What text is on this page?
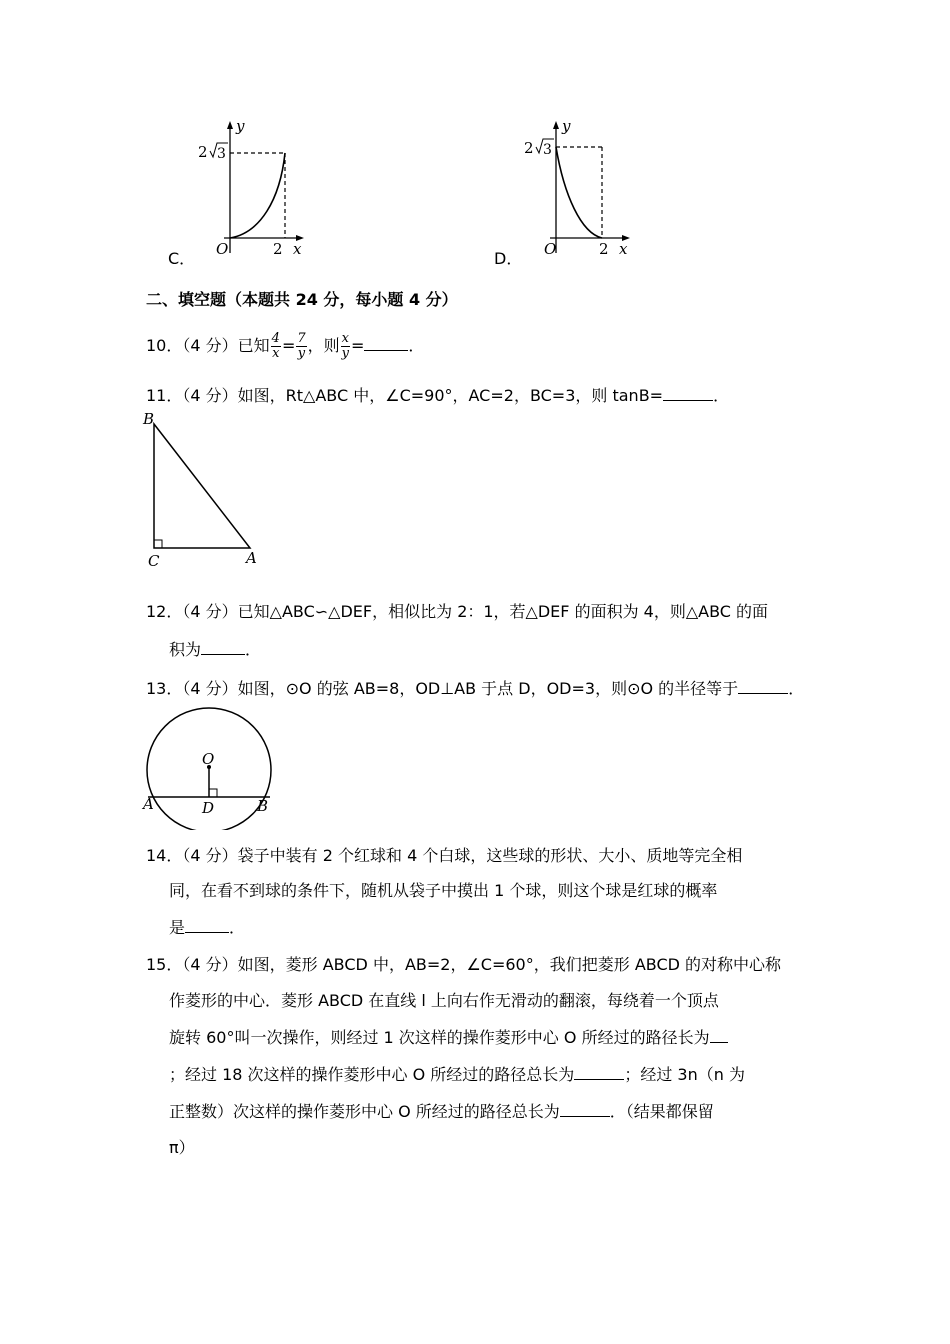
y
2 3
O	2 x
C．
y
2 3
O	2 x
D．
二、填空题（本题共 24 分，每小题 4 分）
10．（4 分）已知 $\frac{4}{x} = \frac{7}{y}$ ，则 $\frac{x}{y}$ =	．
11．（4 分）如图，Rt△ABC 中，∠C=90°，AC=2，BC=3，则 tanB=	．
B
C	A
12．（4 分）已知△ABC∽△DEF，相似比为 2：1，若△DEF 的面积为 4，则△ABC 的面
积为	．
13．（4 分）如图，⊙O 的弦 AB=8，OD⊥AB 于点 D，OD=3，则⊙O 的半径等于	．
O
A	D	B
14．（4 分）袋子中装有 2 个红球和 4 个白球，这些球的形状、大小、质地等完全相
同，在看不到球的条件下，随机从袋子中摸出 1 个球，则这个球是红球的概率
是	．
15．（4 分）如图，菱形 ABCD 中，AB=2，∠C=60°，我们把菱形 ABCD 的对称中心称
作菱形的中心．菱形 ABCD 在直线 l 上向右作无滑动的翻滚，每绕着一个顶点
旋转 60°叫一次操作，则经过 1 次这样的操作菱形中心 O 所经过的路径长为
；经过 18 次这样的操作菱形中心 O 所经过的路径总长为	；经过 3n（n 为
正整数）次这样的操作菱形中心 O 所经过的路径总长为	．（结果都保留
π）
